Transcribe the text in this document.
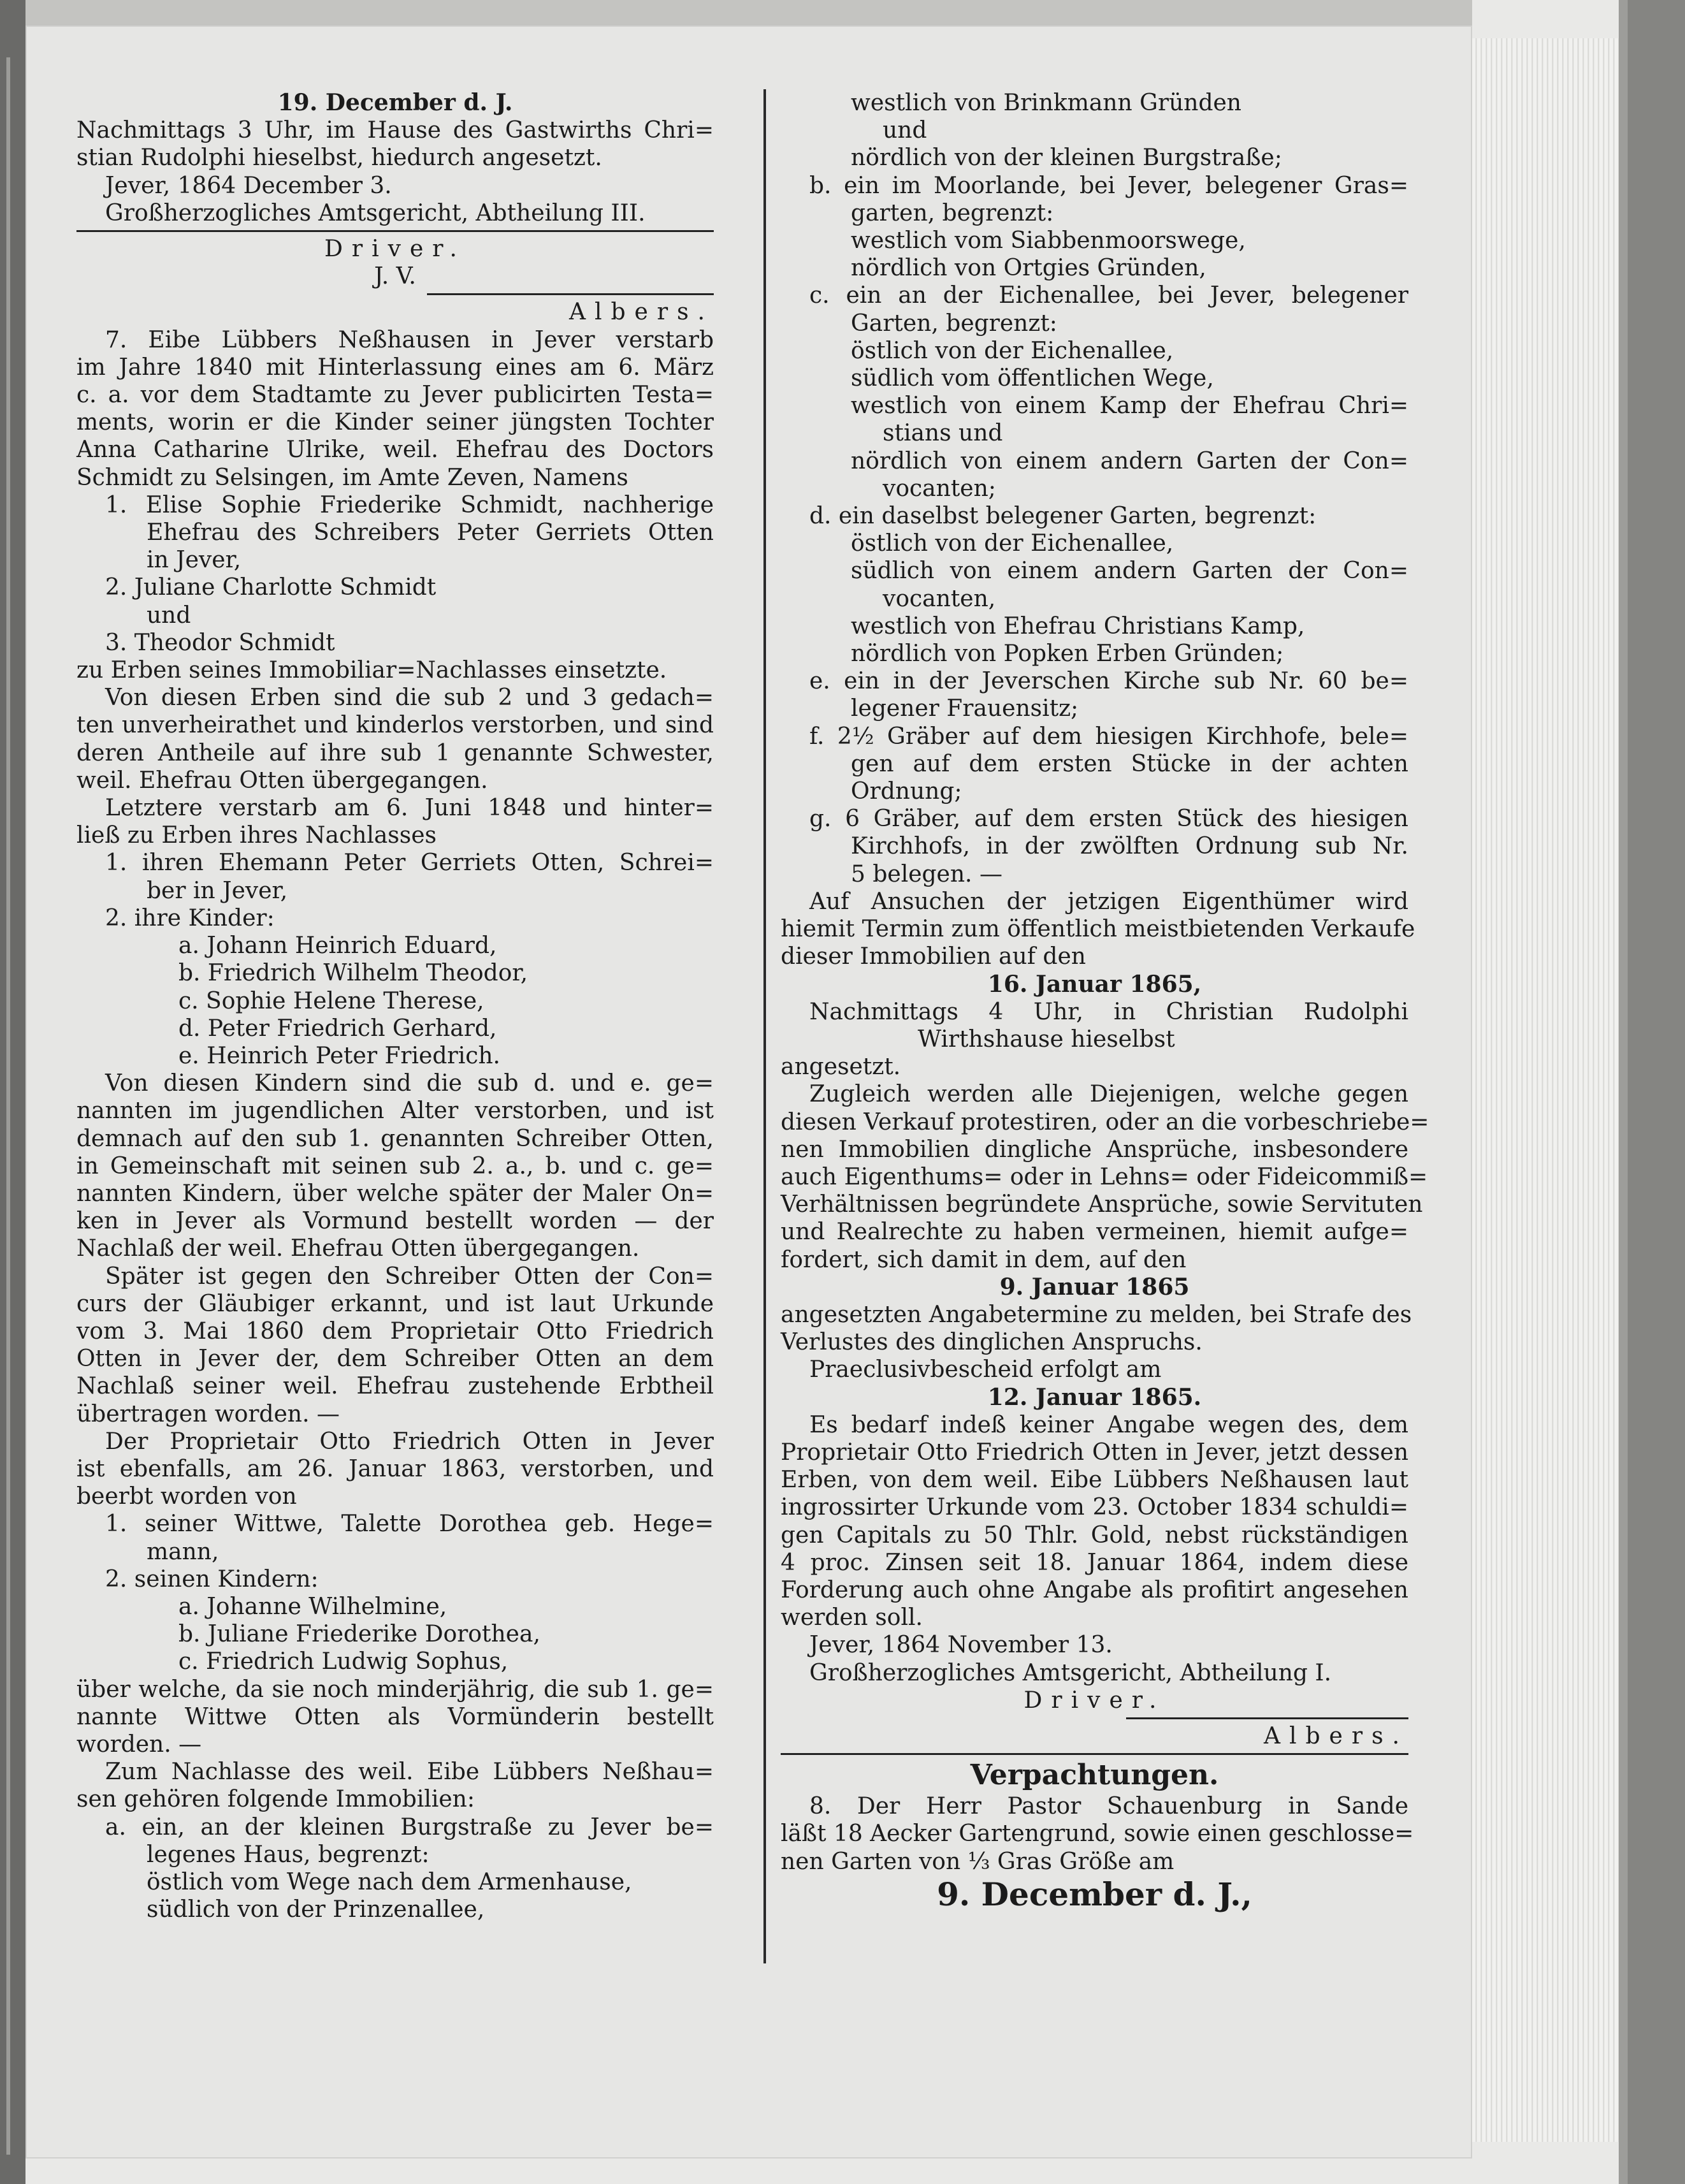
19. December d. J.
Nachmittags 3 Uhr, im Hause des Gastwirths Chri=
stian Rudolphi hieselbst, hiedurch angesetzt.
Jever, 1864 December 3.
Großherzogliches Amtsgericht, Abtheilung III.
Driver.
J. V.
Albers.
7. Eibe Lübbers Neßhausen in Jever verstarb
im Jahre 1840 mit Hinterlassung eines am 6. März
c. a. vor dem Stadtamte zu Jever publicirten Testa=
ments, worin er die Kinder seiner jüngsten Tochter
Anna Catharine Ulrike, weil. Ehefrau des Doctors
Schmidt zu Selsingen, im Amte Zeven, Namens
1. Elise Sophie Friederike Schmidt, nachherige
Ehefrau des Schreibers Peter Gerriets Otten
in Jever,
2. Juliane Charlotte Schmidt
und
3. Theodor Schmidt
zu Erben seines Immobiliar=Nachlasses einsetzte.
Von diesen Erben sind die sub 2 und 3 gedach=
ten unverheirathet und kinderlos verstorben, und sind
deren Antheile auf ihre sub 1 genannte Schwester,
weil. Ehefrau Otten übergegangen.
Letztere verstarb am 6. Juni 1848 und hinter=
ließ zu Erben ihres Nachlasses
1. ihren Ehemann Peter Gerriets Otten, Schrei=
ber in Jever,
2. ihre Kinder:
a. Johann Heinrich Eduard,
b. Friedrich Wilhelm Theodor,
c. Sophie Helene Therese,
d. Peter Friedrich Gerhard,
e. Heinrich Peter Friedrich.
Von diesen Kindern sind die sub d. und e. ge=
nannten im jugendlichen Alter verstorben, und ist
demnach auf den sub 1. genannten Schreiber Otten,
in Gemeinschaft mit seinen sub 2. a., b. und c. ge=
nannten Kindern, über welche später der Maler On=
ken in Jever als Vormund bestellt worden — der
Nachlaß der weil. Ehefrau Otten übergegangen.
Später ist gegen den Schreiber Otten der Con=
curs der Gläubiger erkannt, und ist laut Urkunde
vom 3. Mai 1860 dem Proprietair Otto Friedrich
Otten in Jever der, dem Schreiber Otten an dem
Nachlaß seiner weil. Ehefrau zustehende Erbtheil
übertragen worden. —
Der Proprietair Otto Friedrich Otten in Jever
ist ebenfalls, am 26. Januar 1863, verstorben, und
beerbt worden von
1. seiner Wittwe, Talette Dorothea geb. Hege=
mann,
2. seinen Kindern:
a. Johanne Wilhelmine,
b. Juliane Friederike Dorothea,
c. Friedrich Ludwig Sophus,
über welche, da sie noch minderjährig, die sub 1. ge=
nannte Wittwe Otten als Vormünderin bestellt
worden. —
Zum Nachlasse des weil. Eibe Lübbers Neßhau=
sen gehören folgende Immobilien:
a. ein, an der kleinen Burgstraße zu Jever be=
legenes Haus, begrenzt:
östlich vom Wege nach dem Armenhause,
südlich von der Prinzenallee,
westlich von Brinkmann Gründen
und
nördlich von der kleinen Burgstraße;
b. ein im Moorlande, bei Jever, belegener Gras=
garten, begrenzt:
westlich vom Siabbenmoorswege,
nördlich von Ortgies Gründen,
c. ein an der Eichenallee, bei Jever, belegener
Garten, begrenzt:
östlich von der Eichenallee,
südlich vom öffentlichen Wege,
westlich von einem Kamp der Ehefrau Chri=
stians und
nördlich von einem andern Garten der Con=
vocanten;
d. ein daselbst belegener Garten, begrenzt:
östlich von der Eichenallee,
südlich von einem andern Garten der Con=
vocanten,
westlich von Ehefrau Christians Kamp,
nördlich von Popken Erben Gründen;
e. ein in der Jeverschen Kirche sub Nr. 60 be=
legener Frauensitz;
f. 2½ Gräber auf dem hiesigen Kirchhofe, bele=
gen auf dem ersten Stücke in der achten
Ordnung;
g. 6 Gräber, auf dem ersten Stück des hiesigen
Kirchhofs, in der zwölften Ordnung sub Nr.
5 belegen. —
Auf Ansuchen der jetzigen Eigenthümer wird
hiemit Termin zum öffentlich meistbietenden Verkaufe
dieser Immobilien auf den
16. Januar 1865,
Nachmittags 4 Uhr, in Christian Rudolphi
Wirthshause hieselbst
angesetzt.
Zugleich werden alle Diejenigen, welche gegen
diesen Verkauf protestiren, oder an die vorbeschriebe=
nen Immobilien dingliche Ansprüche, insbesondere
auch Eigenthums= oder in Lehns= oder Fideicommiß=
Verhältnissen begründete Ansprüche, sowie Servituten
und Realrechte zu haben vermeinen, hiemit aufge=
fordert, sich damit in dem, auf den
9. Januar 1865
angesetzten Angabetermine zu melden, bei Strafe des
Verlustes des dinglichen Anspruchs.
Praeclusivbescheid erfolgt am
12. Januar 1865.
Es bedarf indeß keiner Angabe wegen des, dem
Proprietair Otto Friedrich Otten in Jever, jetzt dessen
Erben, von dem weil. Eibe Lübbers Neßhausen laut
ingrossirter Urkunde vom 23. October 1834 schuldi=
gen Capitals zu 50 Thlr. Gold, nebst rückständigen
4 proc. Zinsen seit 18. Januar 1864, indem diese
Forderung auch ohne Angabe als profitirt angesehen
werden soll.
Jever, 1864 November 13.
Großherzogliches Amtsgericht, Abtheilung I.
Driver.
Albers.
Verpachtungen.
8. Der Herr Pastor Schauenburg in Sande
läßt 18 Aecker Gartengrund, sowie einen geschlosse=
nen Garten von ⅓ Gras Größe am
9. December d. J.,
